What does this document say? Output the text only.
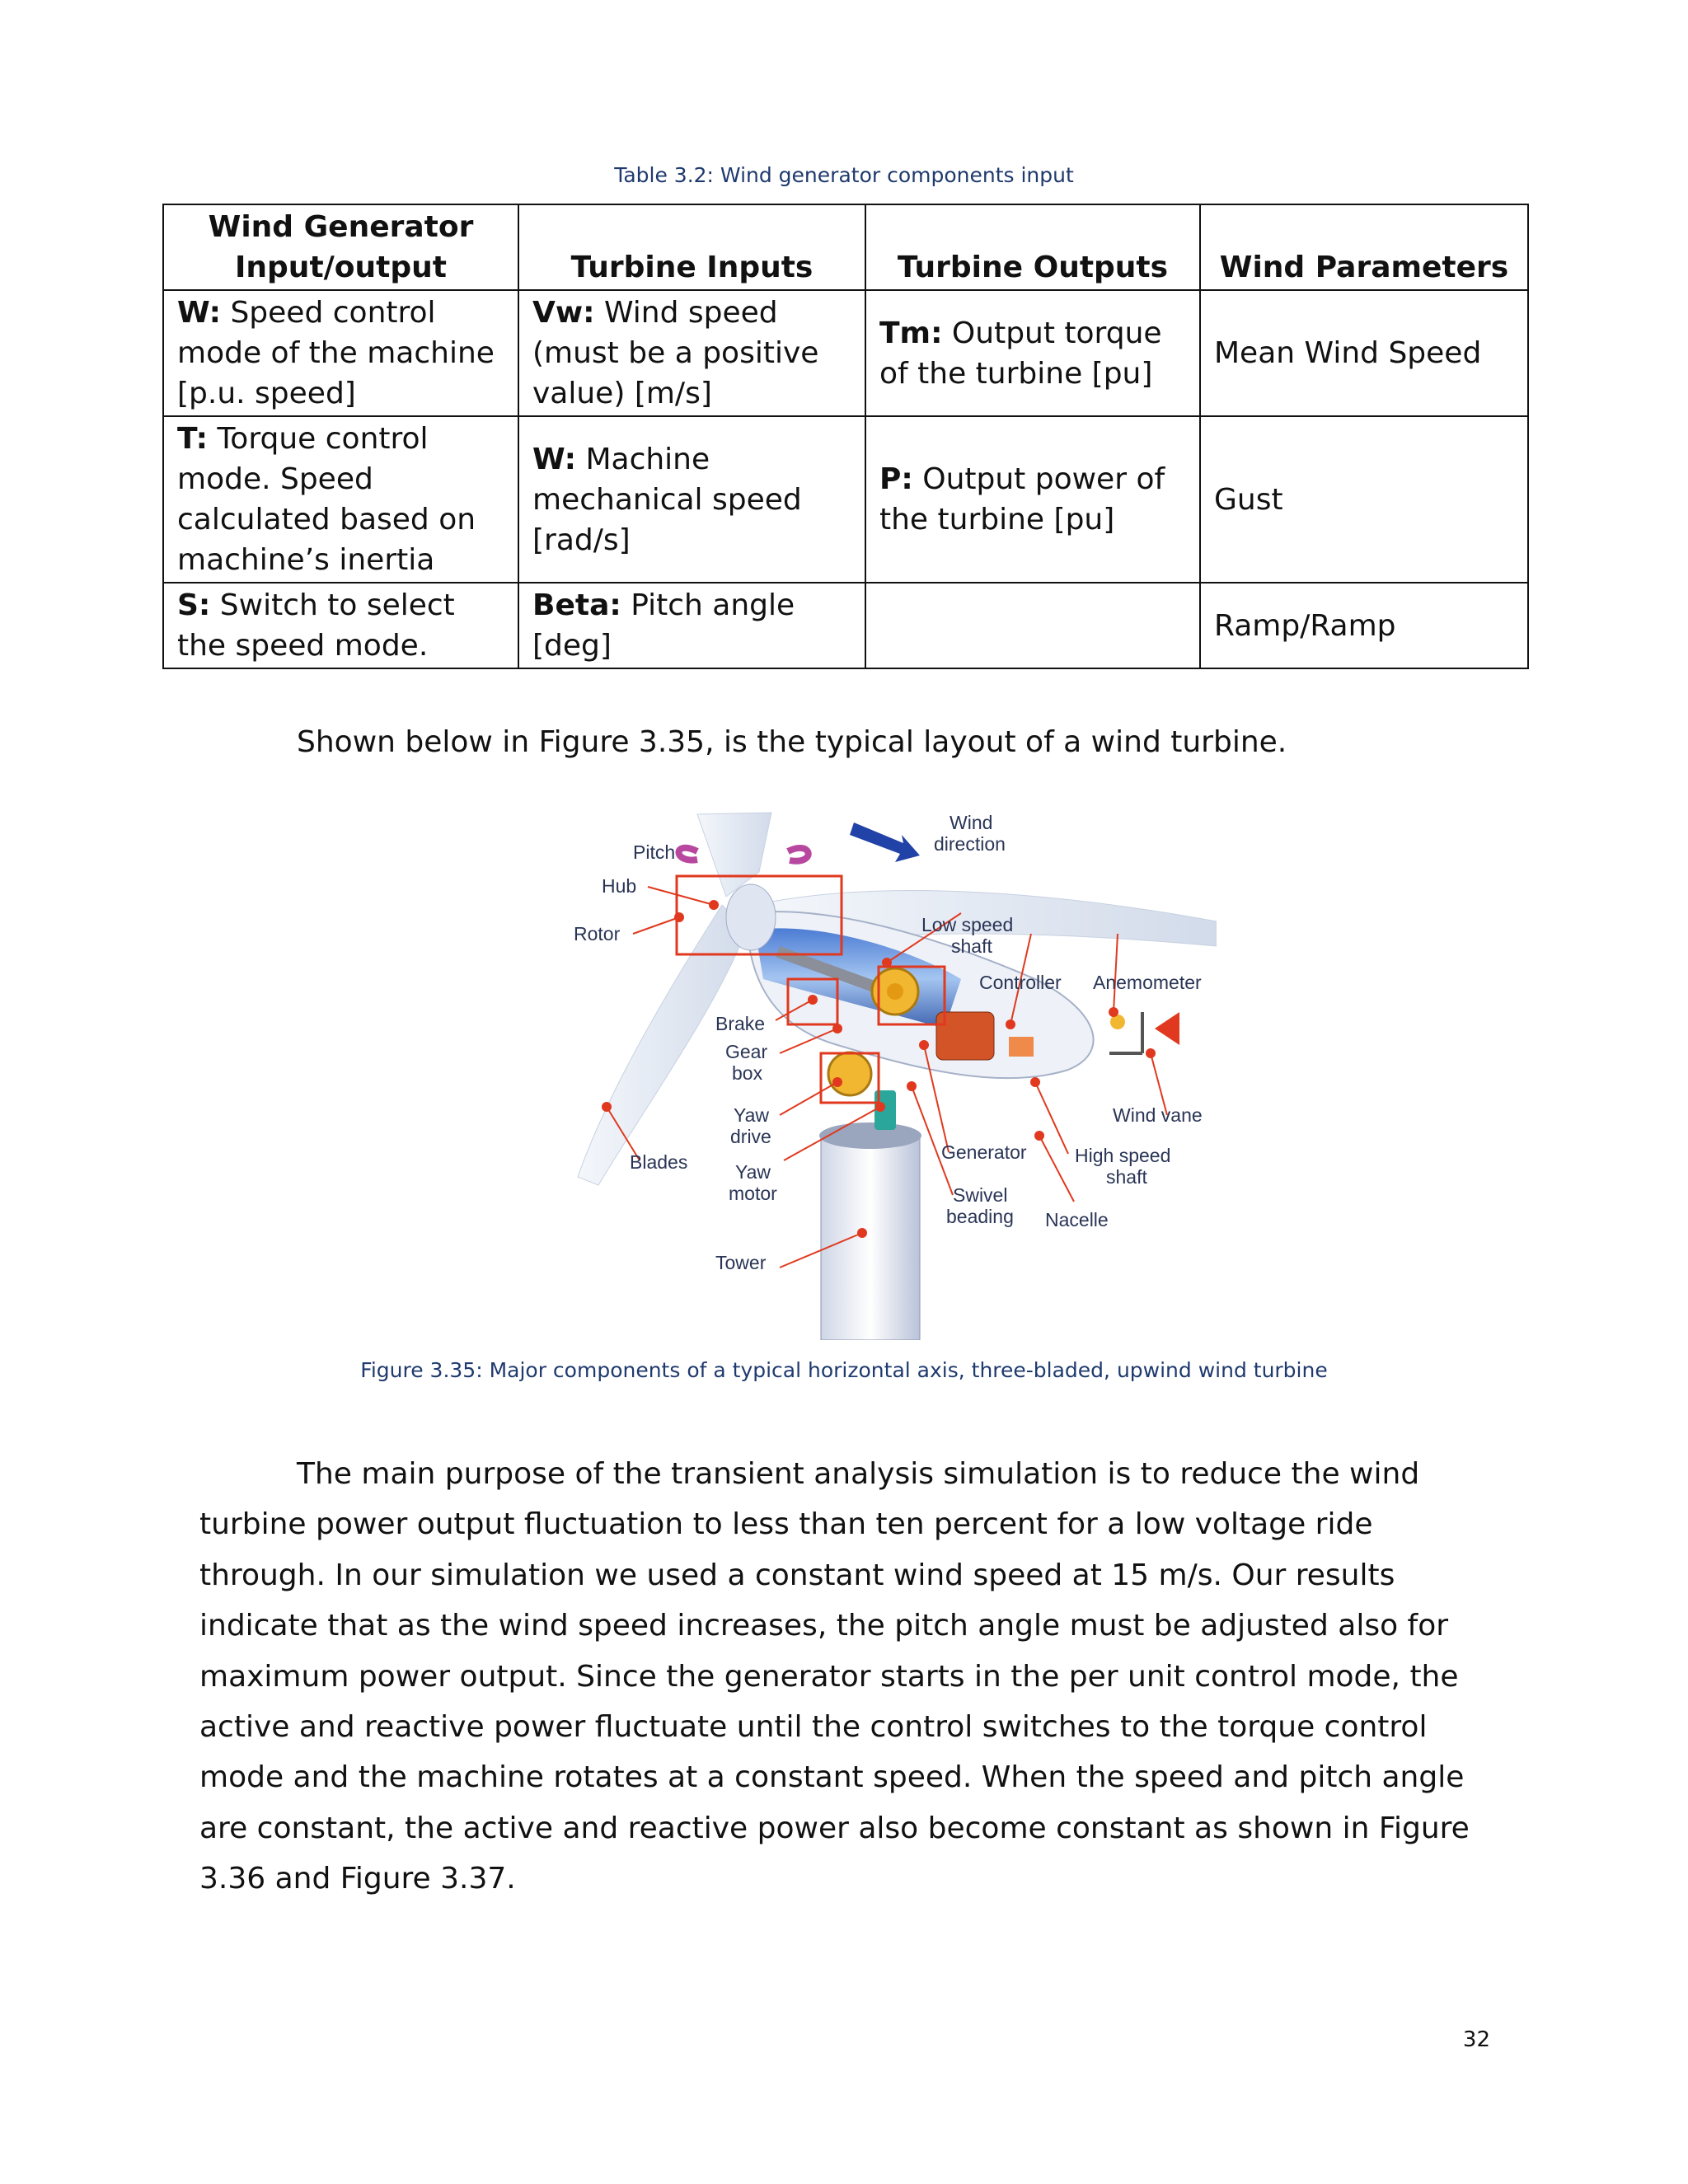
Table 3.2: Wind generator components input
Wind Generator Input/output	Turbine Inputs	Turbine Outputs	Wind Parameters
W: Speed control mode of the machine [p.u. speed]	Vw: Wind speed (must be a positive value) [m/s]	Tm: Output torque of the turbine [pu]	Mean Wind Speed
T: Torque control mode. Speed calculated based on machine’s inertia	W: Machine mechanical speed [rad/s]	P: Output power of the turbine [pu]	Gust
S: Switch to select the speed mode.	Beta: Pitch angle [deg]		Ramp/Ramp
Shown below in Figure 3.35, is the typical layout of a wind turbine.
Wind
direction
Pitch
Hub
Rotor	Low speed
shaft
Controller Anemometer
Brake
Gear
box
Yaw
drive
Wind vane
Blades	Yaw
motor
Generator	High speed
shaft
Swivel
beading Nacelle
Tower
Figure 3.35: Major components of a typical horizontal axis, three-bladed, upwind wind turbine

The main purpose of the transient analysis simulation is to reduce the wind turbine power output fluctuation to less than ten percent for a low voltage ride through. In our simulation we used a constant wind speed at 15 m/s. Our results indicate that as the wind speed increases, the pitch angle must be adjusted also for maximum power output. Since the generator starts in the per unit control mode, the active and reactive power fluctuate until the control switches to the torque control mode and the machine rotates at a constant speed. When the speed and pitch angle are constant, the active and reactive power also become constant as shown in Figure 3.36 and Figure 3.37.

32
